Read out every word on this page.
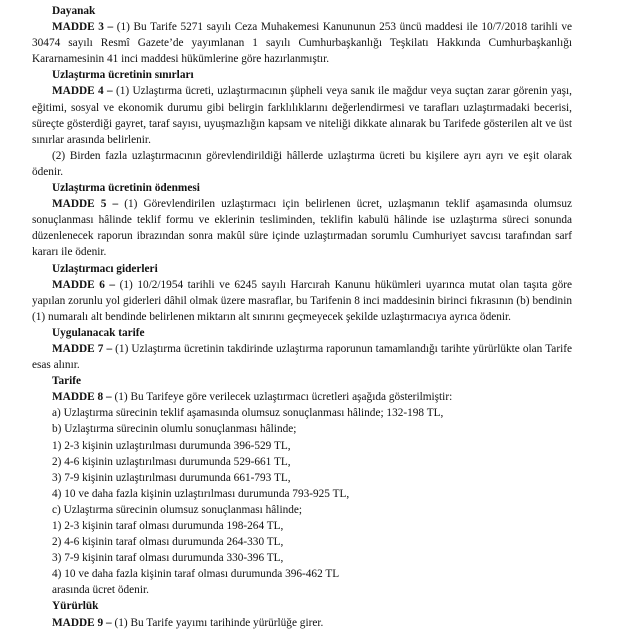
Dayanak
MADDE 3 – (1) Bu Tarife 5271 sayılı Ceza Muhakemesi Kanununun 253 üncü maddesi ile 10/7/2018 tarihli ve 30474 sayılı Resmî Gazete’de yayımlanan 1 sayılı Cumhurbaşkanlığı Teşkilatı Hakkında Cumhurbaşkanlığı Kararnamesinin 41 inci maddesi hükümlerine göre hazırlanmıştır.
Uzlaştırma ücretinin sınırları
MADDE 4 – (1) Uzlaştırma ücreti, uzlaştırmacının şüpheli veya sanık ile mağdur veya suçtan zarar görenin yaşı, eğitimi, sosyal ve ekonomik durumu gibi belirgin farklılıklarını değerlendirmesi ve tarafları uzlaştırmadaki becerisi, süreçte gösterdiği gayret, taraf sayısı, uyuşmazlığın kapsam ve niteliği dikkate alınarak bu Tarifede gösterilen alt ve üst sınırlar arasında belirlenir.
(2) Birden fazla uzlaştırmacının görevlendirildiği hâllerde uzlaştırma ücreti bu kişilere ayrı ayrı ve eşit olarak ödenir.
Uzlaştırma ücretinin ödenmesi
MADDE 5 – (1) Görevlendirilen uzlaştırmacı için belirlenen ücret, uzlaşmanın teklif aşamasında olumsuz sonuçlanması hâlinde teklif formu ve eklerinin tesliminden, teklifin kabulü hâlinde ise uzlaştırma süreci sonunda düzenlenecek raporun ibrazından sonra makûl süre içinde uzlaştırmadan sorumlu Cumhuriyet savcısı tarafından sarf kararı ile ödenir.
Uzlaştırmacı giderleri
MADDE 6 – (1) 10/2/1954 tarihli ve 6245 sayılı Harcırah Kanunu hükümleri uyarınca mutat olan taşıta göre yapılan zorunlu yol giderleri dâhil olmak üzere masraflar, bu Tarifenin 8 inci maddesinin birinci fıkrasının (b) bendinin (1) numaralı alt bendinde belirlenen miktarın alt sınırını geçmeyecek şekilde uzlaştırmacıya ayrıca ödenir.
Uygulanacak tarife
MADDE 7 – (1) Uzlaştırma ücretinin takdirinde uzlaştırma raporunun tamamlandığı tarihte yürürlükte olan Tarife esas alınır.
Tarife
MADDE 8 – (1) Bu Tarifeye göre verilecek uzlaştırmacı ücretleri aşağıda gösterilmiştir:
a) Uzlaştırma sürecinin teklif aşamasında olumsuz sonuçlanması hâlinde; 132-198 TL,
b) Uzlaştırma sürecinin olumlu sonuçlanması hâlinde;
1) 2-3 kişinin uzlaştırılması durumunda 396-529 TL,
2) 4-6 kişinin uzlaştırılması durumunda 529-661 TL,
3) 7-9 kişinin uzlaştırılması durumunda 661-793 TL,
4) 10 ve daha fazla kişinin uzlaştırılması durumunda 793-925 TL,
c) Uzlaştırma sürecinin olumsuz sonuçlanması hâlinde;
1) 2-3 kişinin taraf olması durumunda 198-264 TL,
2) 4-6 kişinin taraf olması durumunda 264-330 TL,
3) 7-9 kişinin taraf olması durumunda 330-396 TL,
4) 10 ve daha fazla kişinin taraf olması durumunda 396-462 TL
arasında ücret ödenir.
Yürürlük
MADDE 9 – (1) Bu Tarife yayımı tarihinde yürürlüğe girer.
